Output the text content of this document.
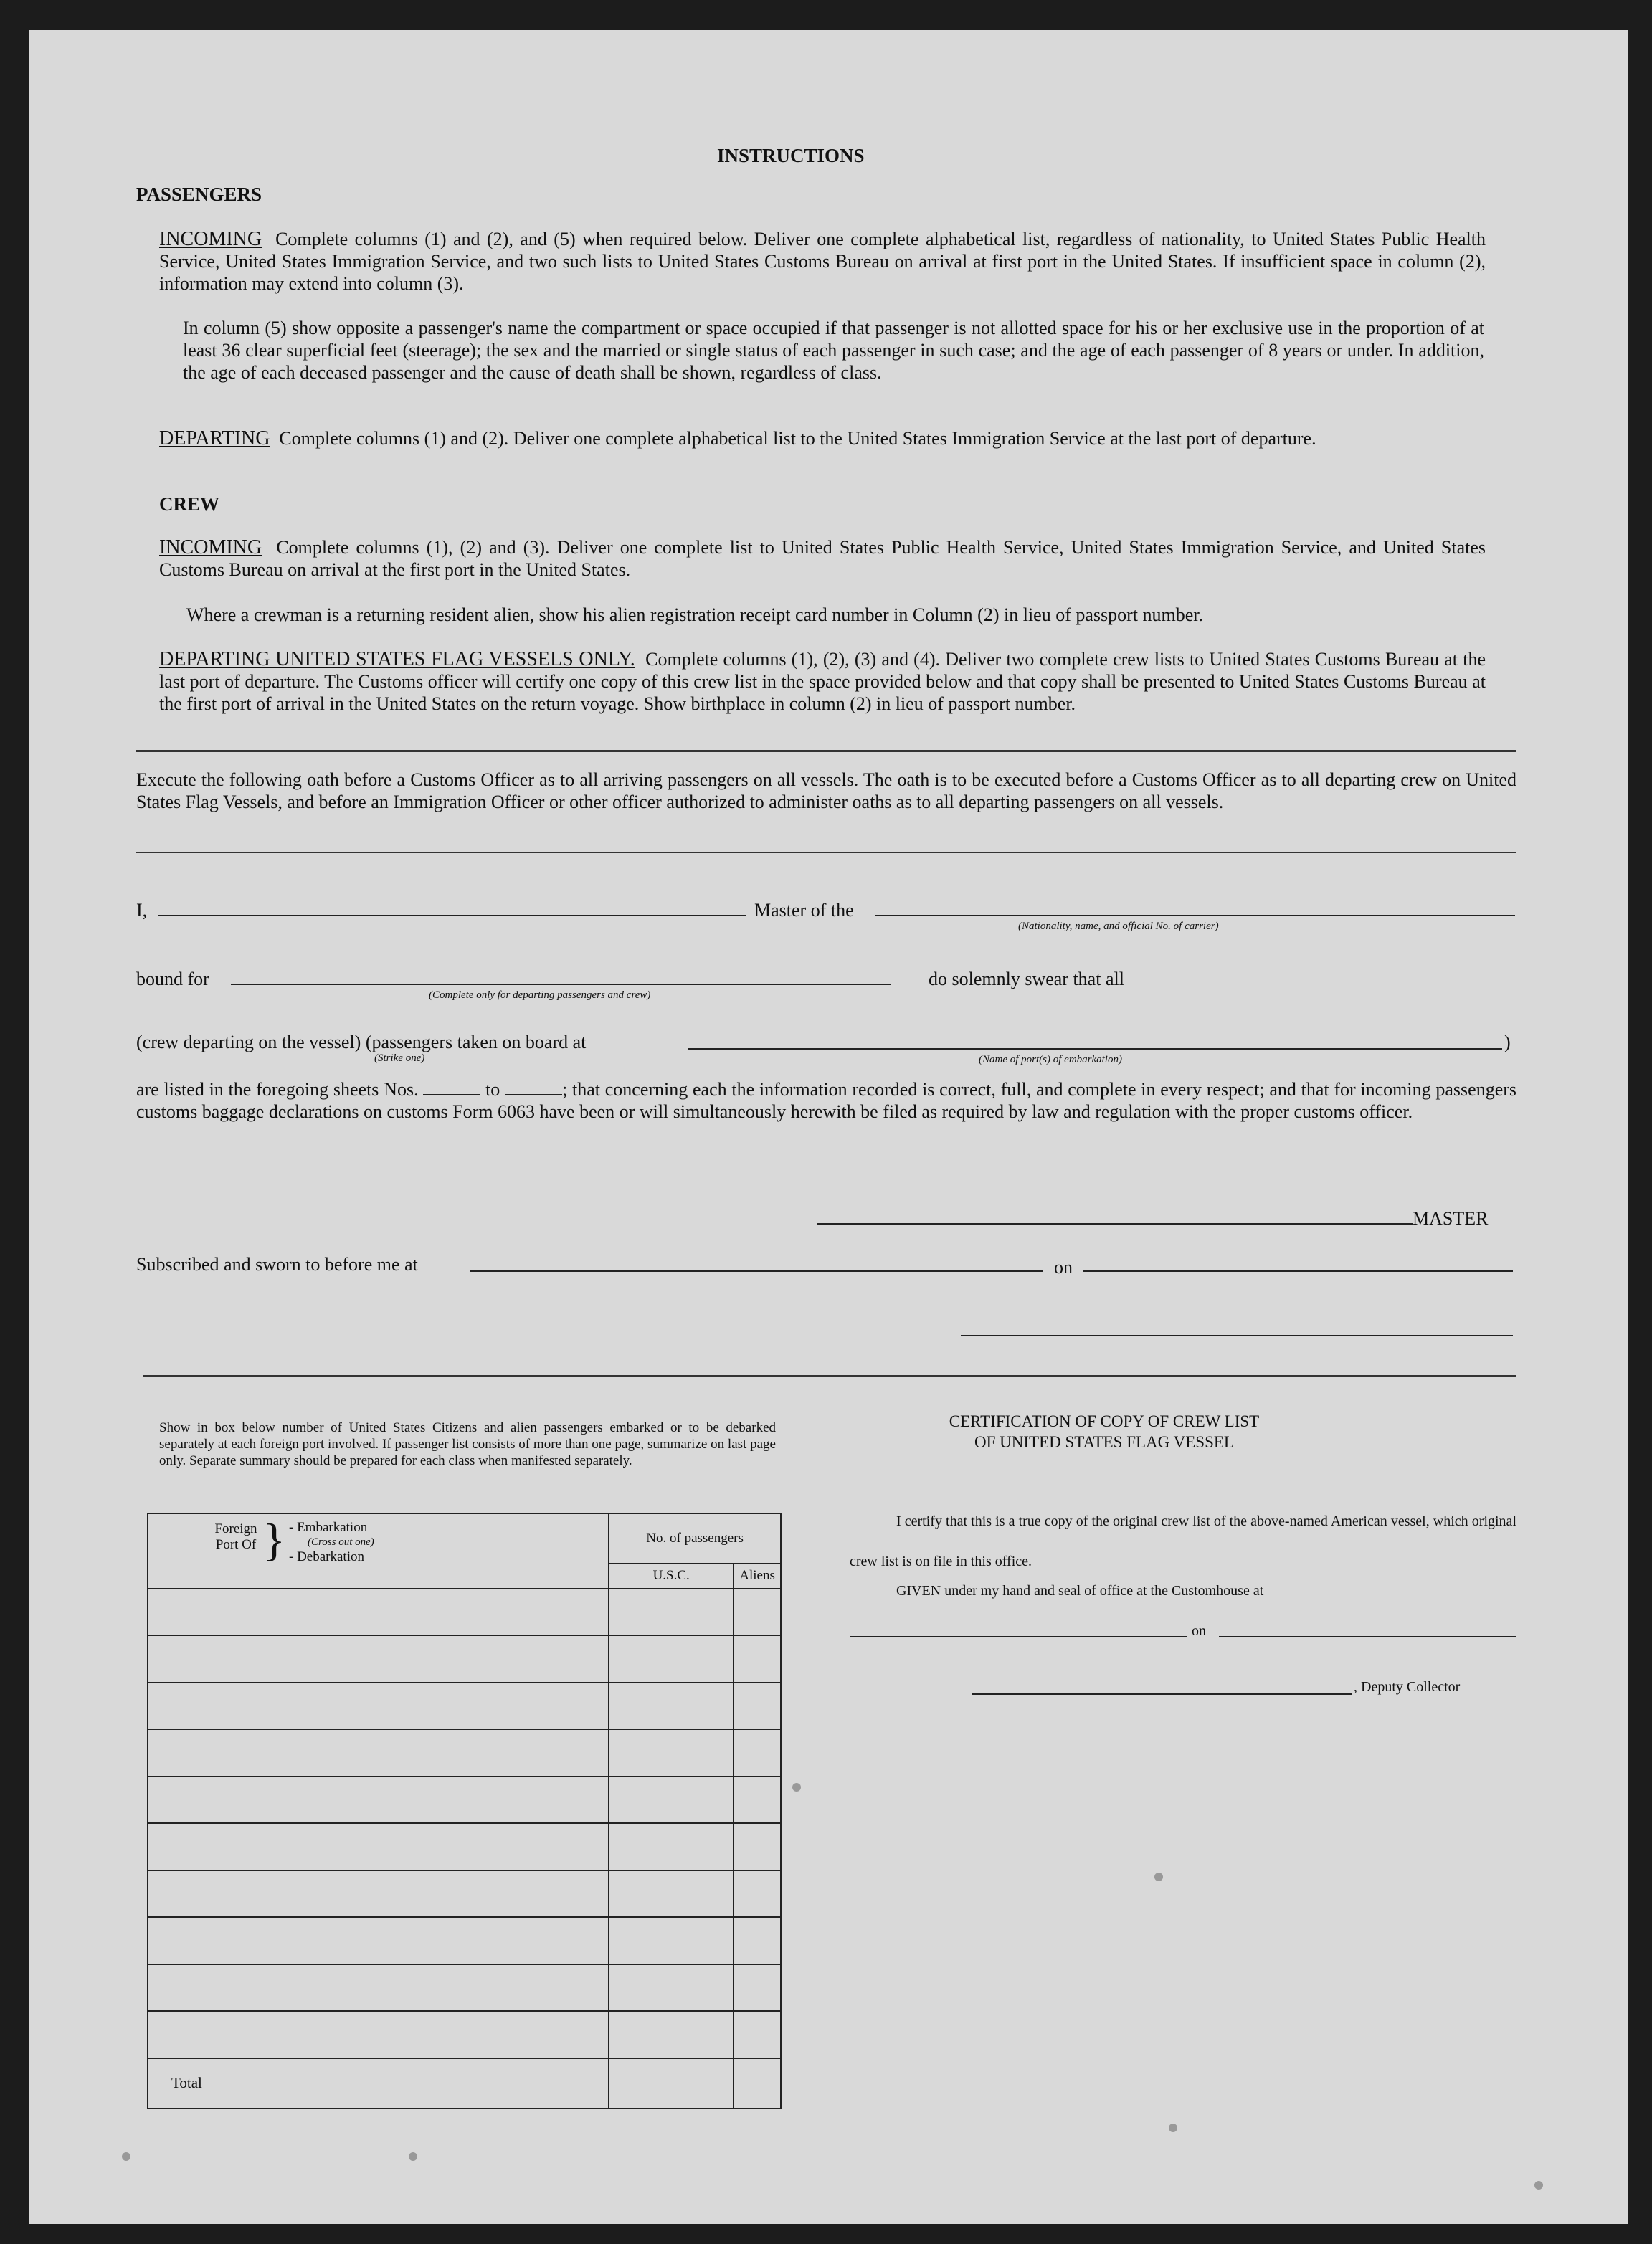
INSTRUCTIONS
PASSENGERS
INCOMING Complete columns (1) and (2), and (5) when required below. Deliver one complete alphabetical list, regardless of nationality, to United States Public Health Service, United States Immigration Service, and two such lists to United States Customs Bureau on arrival at first port in the United States. If insufficient space in column (2), information may extend into column (3).
In column (5) show opposite a passenger's name the compartment or space occupied if that passenger is not allotted space for his or her exclusive use in the proportion of at least 36 clear superficial feet (steerage); the sex and the married or single status of each passenger in such case; and the age of each passenger of 8 years or under. In addition, the age of each deceased passenger and the cause of death shall be shown, regardless of class.
DEPARTING Complete columns (1) and (2). Deliver one complete alphabetical list to the United States Immigration Service at the last port of departure.
CREW
INCOMING Complete columns (1), (2) and (3). Deliver one complete list to United States Public Health Service, United States Immigration Service, and United States Customs Bureau on arrival at the first port in the United States.
Where a crewman is a returning resident alien, show his alien registration receipt card number in Column (2) in lieu of passport number.
DEPARTING UNITED STATES FLAG VESSELS ONLY. Complete columns (1), (2), (3) and (4). Deliver two complete crew lists to United States Customs Bureau at the last port of departure. The Customs officer will certify one copy of this crew list in the space provided below and that copy shall be presented to United States Customs Bureau at the first port of arrival in the United States on the return voyage. Show birthplace in column (2) in lieu of passport number.
Execute the following oath before a Customs Officer as to all arriving passengers on all vessels. The oath is to be executed before a Customs Officer as to all departing crew on United States Flag Vessels, and before an Immigration Officer or other officer authorized to administer oaths as to all departing passengers on all vessels.
I,	Master of the
(Nationality, name, and official No. of carrier)
bound for
(Complete only for departing passengers and crew)
do solemnly swear that all
(crew departing on the vessel) (passengers taken on board at
(Strike one)	(Name of port(s) of embarkation)
)
are listed in the foregoing sheets Nos.	to	; that concerning each the information recorded is correct, full, and complete in every respect; and that for incoming passengers customs baggage declarations on customs Form 6063 have been or will simultaneously herewith be filed as required by law and regulation with the proper customs officer.
MASTER
Subscribed and sworn to before me at	on
Show in box below number of United States Citizens and alien passengers embarked or to be debarked separately at each foreign port involved. If passenger list consists of more than one page, summarize on last page only. Separate summary should be prepared for each class when manifested separately.
Foreign Port Of } - Embarkation
(Cross out one)
- Debarkation	No. of passengers	
	U.S.C.	Aliens

Total		
CERTIFICATION OF COPY OF CREW LIST
OF UNITED STATES FLAG VESSEL
I certify that this is a true copy of the original crew list of the above-named American vessel, which original crew list is on file in this office.
GIVEN under my hand and seal of office at the Customhouse at
on
, Deputy Collector
